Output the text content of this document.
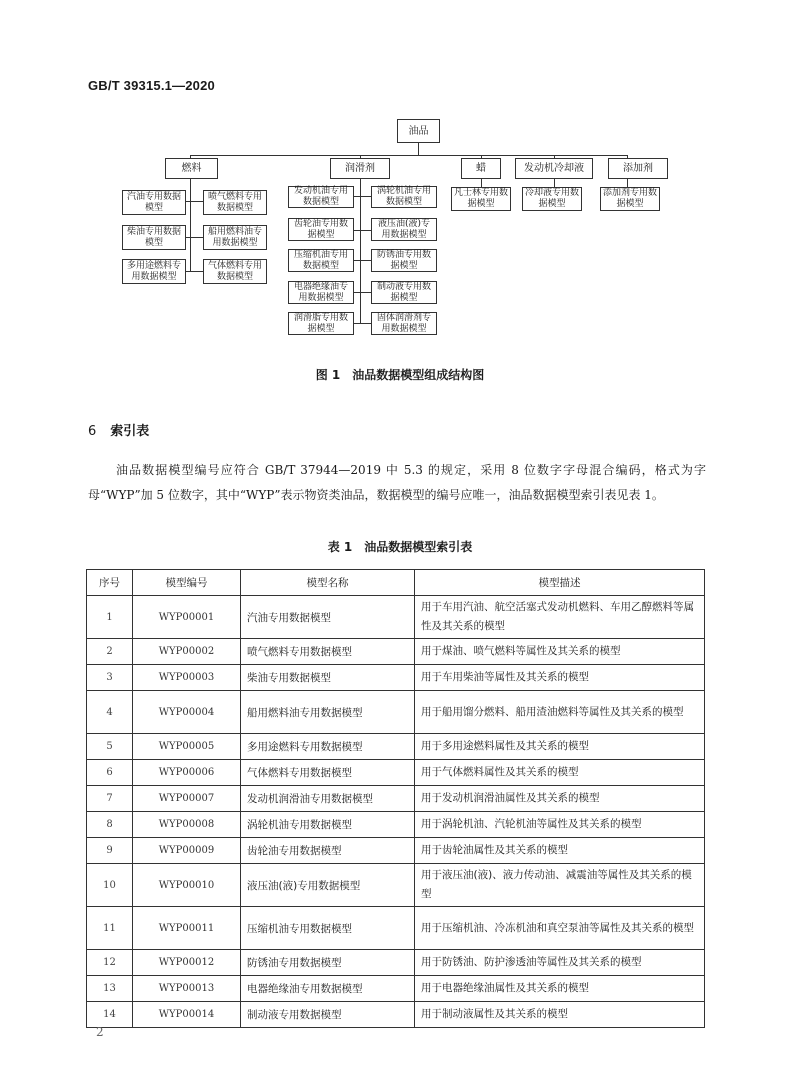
GB/T 39315.1—2020
油品
燃料	润滑剂	蜡	发动机冷却液	添加剂
汽油专用数据模型
喷气燃料专用数据模型
柴油专用数据模型
船用燃料油专用数据模型
多用途燃料专用数据模型
气体燃料专用数据模型
发动机油专用数据模型
涡轮机油专用数据模型
齿轮油专用数据模型
液压油(液)专用数据模型
压缩机油专用数据模型
防锈油专用数据模型
电器绝缘油专用数据模型
制动液专用数据模型
润滑脂专用数据模型
固体润滑剂专用数据模型
凡士林专用数据模型
冷却液专用数据模型
添加剂专用数据模型
图 1 油品数据模型组成结构图
6 索引表
油品数据模型编号应符合 GB/T 37944—2019 中 5.3 的规定，采用 8 位数字字母混合编码，格式为字母“WYP”加 5 位数字，其中“WYP”表示物资类油品，数据模型的编号应唯一，油品数据模型索引表见表 1。
表 1 油品数据模型索引表
序号	模型编号	模型名称	模型描述
1	WYP00001	汽油专用数据模型	用于车用汽油、航空活塞式发动机燃料、车用乙醇燃料等属性及其关系的模型
2	WYP00002	喷气燃料专用数据模型	用于煤油、喷气燃料等属性及其关系的模型
3	WYP00003	柴油专用数据模型	用于车用柴油等属性及其关系的模型
4	WYP00004	船用燃料油专用数据模型	用于船用馏分燃料、船用渣油燃料等属性及其关系的模型
5	WYP00005	多用途燃料专用数据模型	用于多用途燃料属性及其关系的模型
6	WYP00006	气体燃料专用数据模型	用于气体燃料属性及其关系的模型
7	WYP00007	发动机润滑油专用数据模型	用于发动机润滑油属性及其关系的模型
8	WYP00008	涡轮机油专用数据模型	用于涡轮机油、汽轮机油等属性及其关系的模型
9	WYP00009	齿轮油专用数据模型	用于齿轮油属性及其关系的模型
10	WYP00010	液压油(液)专用数据模型	用于液压油(液)、液力传动油、减震油等属性及其关系的模型
11	WYP00011	压缩机油专用数据模型	用于压缩机油、冷冻机油和真空泵油等属性及其关系的模型
12	WYP00012	防锈油专用数据模型	用于防锈油、防护渗透油等属性及其关系的模型
13	WYP00013	电器绝缘油专用数据模型	用于电器绝缘油属性及其关系的模型
14	WYP00014	制动液专用数据模型	用于制动液属性及其关系的模型
2
